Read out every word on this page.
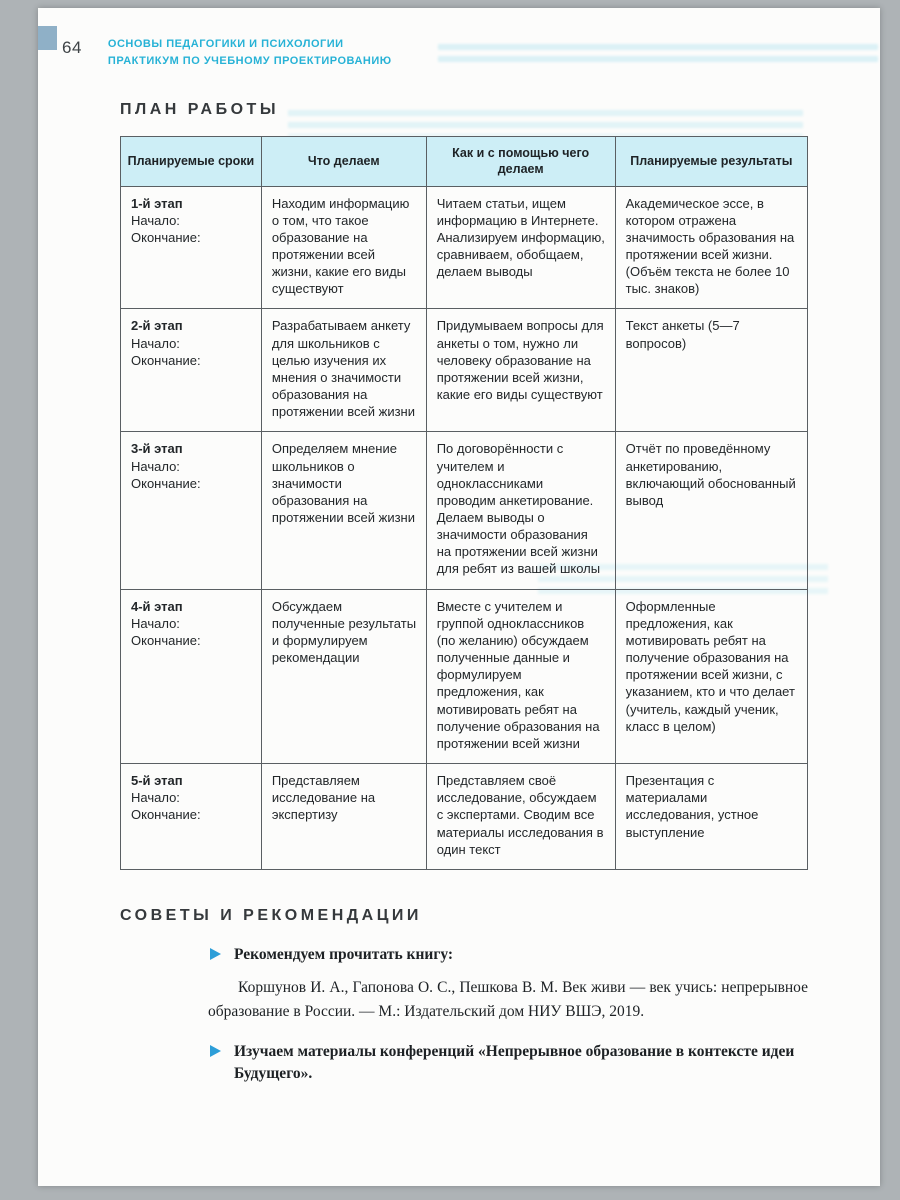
64 ОСНОВЫ ПЕДАГОГИКИ И ПСИХОЛОГИИ
ПРАКТИКУМ ПО УЧЕБНОМУ ПРОЕКТИРОВАНИЮ
ПЛАН РАБОТЫ
Планируемые сроки	Что делаем	Как и с помощью чего делаем	Планируемые результаты

1-й этап
Начало:
Окончание:	Находим информацию о том, что такое образование на протяжении всей жизни, какие его виды существуют	Читаем статьи, ищем информацию в Интернете. Анализируем информацию, сравниваем, обобщаем, делаем выводы	Академическое эссе, в котором отражена значимость образования на протяжении всей жизни. (Объём текста не более 10 тыс. знаков)

2-й этап
Начало:
Окончание:	Разрабатываем анкету для школьников с целью изучения их мнения о значимости образования на протяжении всей жизни	Придумываем вопросы для анкеты о том, нужно ли человеку образование на протяжении всей жизни, какие его виды существуют	Текст анкеты (5—7 вопросов)

3-й этап
Начало:
Окончание:	Определяем мнение школьников о значимости образования на протяжении всей жизни	По договорённости с учителем и одноклассниками проводим анкетирование. Делаем выводы о значимости образования на протяжении всей жизни для ребят из вашей школы	Отчёт по проведённому анкетированию, включающий обоснованный вывод

4-й этап
Начало:
Окончание:	Обсуждаем полученные результаты и формулируем рекомендации	Вместе с учителем и группой одноклассников (по желанию) обсуждаем полученные данные и формулируем предложения, как мотивировать ребят на получение образования на протяжении всей жизни	Оформленные предложения, как мотивировать ребят на получение образования на протяжении всей жизни, с указанием, кто и что делает (учитель, каждый ученик, класс в целом)

5-й этап
Начало:
Окончание:	Представляем исследование на экспертизу	Представляем своё исследование, обсуждаем с экспертами. Сводим все материалы исследования в один текст	Презентация с материалами исследования, устное выступление
СОВЕТЫ И РЕКОМЕНДАЦИИ
Рекомендуем прочитать книгу:

Коршунов И. А., Гапонова О. С., Пешкова В. М. Век живи — век учись: непрерывное образование в России. — М.: Издательский дом НИУ ВШЭ, 2019.

Изучаем материалы конференций «Непрерывное образование в контексте идеи Будущего».
